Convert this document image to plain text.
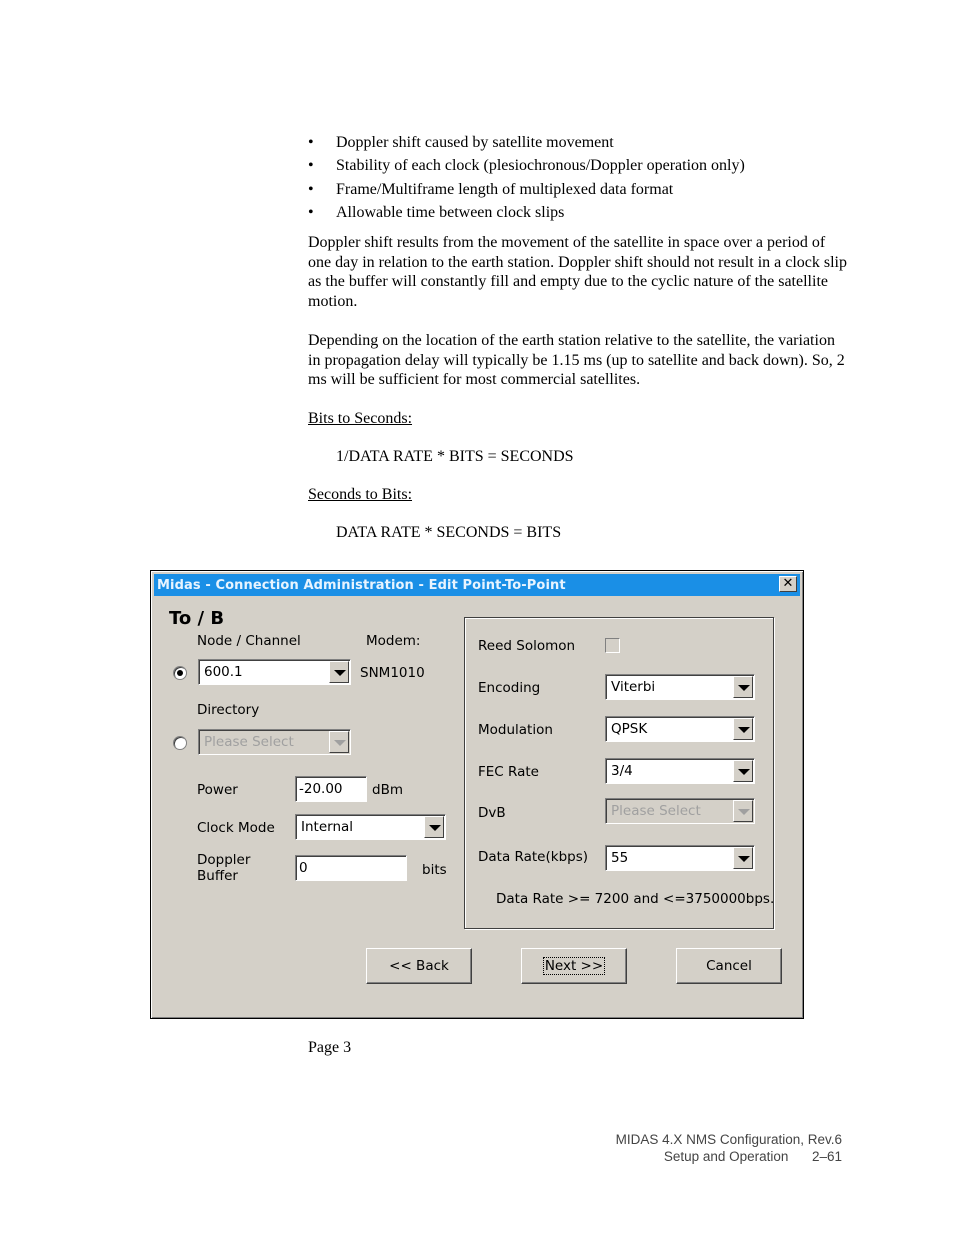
• Doppler shift caused by satellite movement
• Stability of each clock (plesiochronous/Doppler operation only)
• Frame/Multiframe length of multiplexed data format
• Allowable time between clock slips

Doppler shift results from the movement of the satellite in space over a period of one day in relation to the earth station. Doppler shift should not result in a clock slip as the buffer will constantly fill and empty due to the cyclic nature of the satellite motion.

Depending on the location of the earth station relative to the satellite, the variation in propagation delay will typically be 1.15 ms (up to satellite and back down). So, 2 ms will be sufficient for most commercial satellites.

Bits to Seconds:

1/DATA RATE * BITS = SECONDS

Seconds to Bits:

DATA RATE * SECONDS = BITS

Midas - Connection Administration - Edit Point-To-Point	✕
To / B
Node / Channel	Modem:
600.1	SNM1010
Directory
Please Select
Power	-20.00 dBm
Clock Mode Internal
Doppler
Buffer	0	bits
Reed Solomon
Encoding	Viterbi
Modulation	QPSK
FEC Rate	3/4
DvB	Please Select
Data Rate(kbps) 55
Data Rate >= 7200 and <=3750000bps.
<< Back	Next >>	Cancel

Page 3

MIDAS 4.X NMS Configuration, Rev.6
Setup and Operation 2–61
